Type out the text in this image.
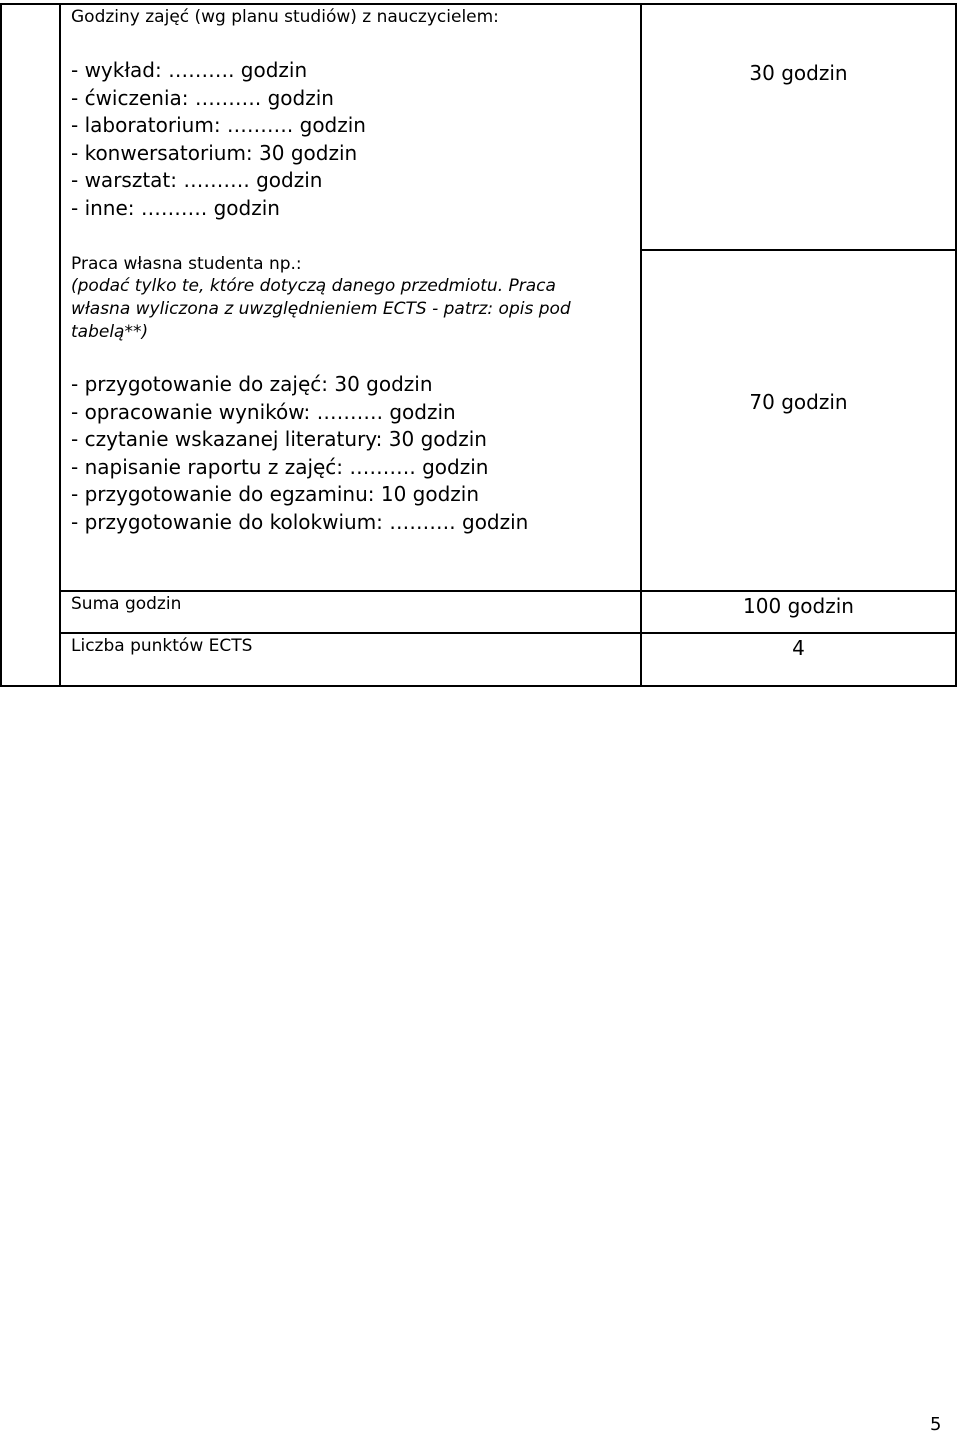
Godziny zajęć (wg planu studiów) z nauczycielem:
- wykład: ………. godzin
- ćwiczenia: ………. godzin
- laboratorium: ………. godzin
- konwersatorium: 30 godzin
- warsztat: ………. godzin
- inne: ………. godzin
30 godzin
Praca własna studenta np.:
(podać tylko te, które dotyczą danego przedmiotu. Praca
własna wyliczona z uwzględnieniem ECTS - patrz: opis pod
tabelą**)
- przygotowanie do zajęć: 30 godzin
- opracowanie wyników: ………. godzin
- czytanie wskazanej literatury: 30 godzin
- napisanie raportu z zajęć: ………. godzin
- przygotowanie do egzaminu: 10 godzin
- przygotowanie do kolokwium: ………. godzin
70 godzin
Suma godzin	100 godzin
Liczba punktów ECTS	4
5
